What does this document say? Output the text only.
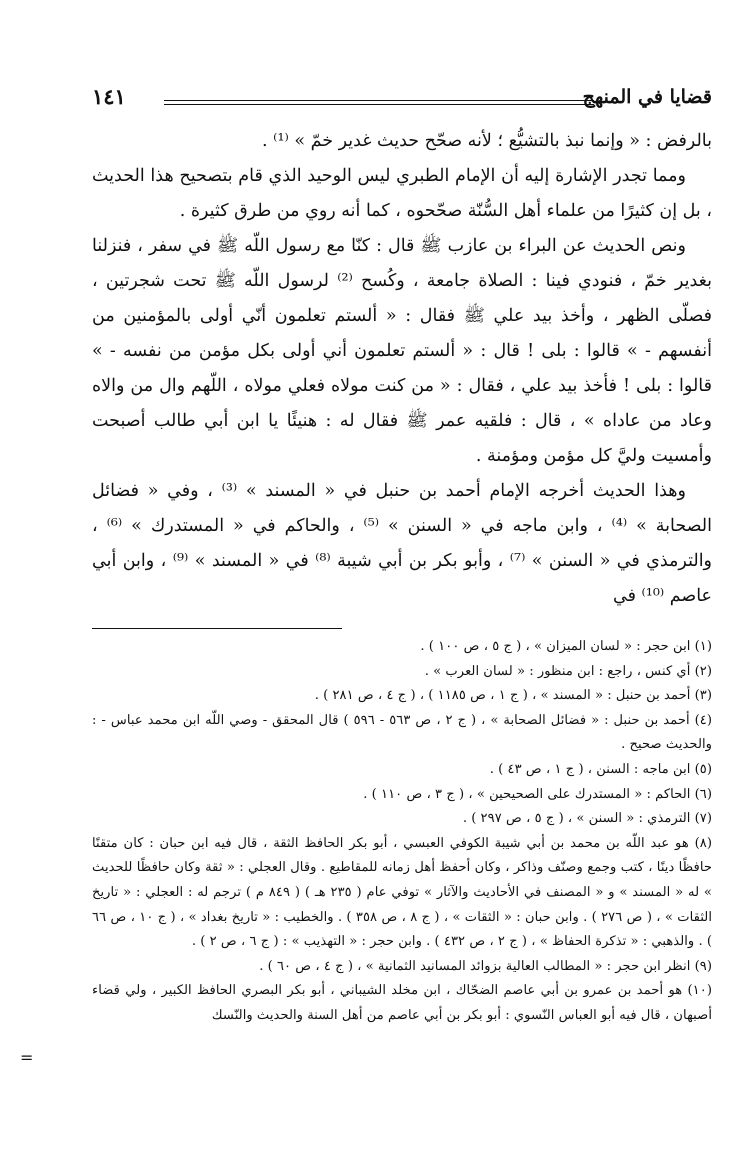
قضايا في المنهج
١٤١

بالرفض : « وإنما نبذ بالتشيُّع ؛ لأنه صحّح حديث غدير خمّ » ⁽¹⁾ .

ومما تجدر الإشارة إليه أن الإمام الطبري ليس الوحيد الذي قام بتصحيح هذا الحديث ، بل إن كثيرًا من علماء أهل السُّنّة صحّحوه ، كما أنه روي من طرق كثيرة .

ونص الحديث عن البراء بن عازب ﷺ قال : كنّا مع رسول اللّه ﷺ في سفر ، فنزلنا بغدير خمّ ، فنودي فينا : الصلاة جامعة ، وكُسح ⁽²⁾ لرسول اللّه ﷺ تحت شجرتين ، فصلّى الظهر ، وأخذ بيد علي ﷺ فقال : « ألستم تعلمون أنّي أولى بالمؤمنين من أنفسهم - » قالوا : بلى ! قال : « ألستم تعلمون أني أولى بكل مؤمن من نفسه - » قالوا : بلى ! فأخذ بيد علي ، فقال : « من كنت مولاه فعلي مولاه ، اللّهم وال من والاه وعاد من عاداه » ، قال : فلقيه عمر ﷺ فقال له : هنيئًا يا ابن أبي طالب أصبحت وأمسيت وليَّ كل مؤمن ومؤمنة .

وهذا الحديث أخرجه الإمام أحمد بن حنبل في « المسند » ⁽³⁾ ، وفي « فضائل الصحابة » ⁽⁴⁾ ، وابن ماجه في « السنن » ⁽⁵⁾ ، والحاكم في « المستدرك » ⁽⁶⁾ ، والترمذي في « السنن » ⁽⁷⁾ ، وأبو بكر بن أبي شيبة ⁽⁸⁾ في « المسند » ⁽⁹⁾ ، وابن أبي عاصم ⁽¹⁰⁾ في

(١) ابن حجر : « لسان الميزان » ، ( ج ٥ ، ص ١٠٠ ) .

(٢) أي كنس ، راجع : ابن منظور : « لسان العرب » .

(٣) أحمد بن حنبل : « المسند » ، ( ج ١ ، ص ١١٨٥ ) ، ( ج ٤ ، ص ٢٨١ ) .

(٤) أحمد بن حنبل : « فضائل الصحابة » ، ( ج ٢ ، ص ٥٦٣ - ٥٩٦ ) قال المحقق - وصي اللّه ابن محمد عباس - : والحديث صحيح .

(٥) ابن ماجه : السنن ، ( ج ١ ، ص ٤٣ ) .

(٦) الحاكم : « المستدرك على الصحيحين » ، ( ج ٣ ، ص ١١٠ ) .

(٧) الترمذي : « السنن » ، ( ج ٥ ، ص ٢٩٧ ) .

(٨) هو عبد اللّه بن محمد بن أبي شيبة الكوفي العبسي ، أبو بكر الحافظ الثقة ، قال فيه ابن حبان : كان متقنًا حافظًا دينًا ، كتب وجمع وصنّف وذاكر ، وكان أحفظ أهل زمانه للمقاطيع . وقال العجلي : « ثقة وكان حافظًا للحديث » له « المسند » و « المصنف في الأحاديث والآثار » توفي عام ( ٢٣٥ هـ ) ( ٨٤٩ م ) ترجم له : العجلي : « تاريخ الثقات » ، ( ص ٢٧٦ ) . وابن حبان : « الثقات » ، ( ج ٨ ، ص ٣٥٨ ) . والخطيب : « تاريخ بغداد » ، ( ج ١٠ ، ص ٦٦ ) . والذهبي : « تذكرة الحفاظ » ، ( ج ٢ ، ص ٤٣٢ ) . وابن حجر : « التهذيب » : ( ج ٦ ، ص ٢ ) .

(٩) انظر ابن حجر : « المطالب العالية بزوائد المسانيد الثمانية » ، ( ج ٤ ، ص ٦٠ ) .

(١٠) هو أحمد بن عمرو بن أبي عاصم الضحّاك ، ابن مخلد الشيباني ، أبو بكر البصري الحافظ الكبير ، ولي قضاء أصبهان ، قال فيه أبو العباس النّسوي : أبو بكر بن أبي عاصم من أهل السنة والحديث والنّسك

=
